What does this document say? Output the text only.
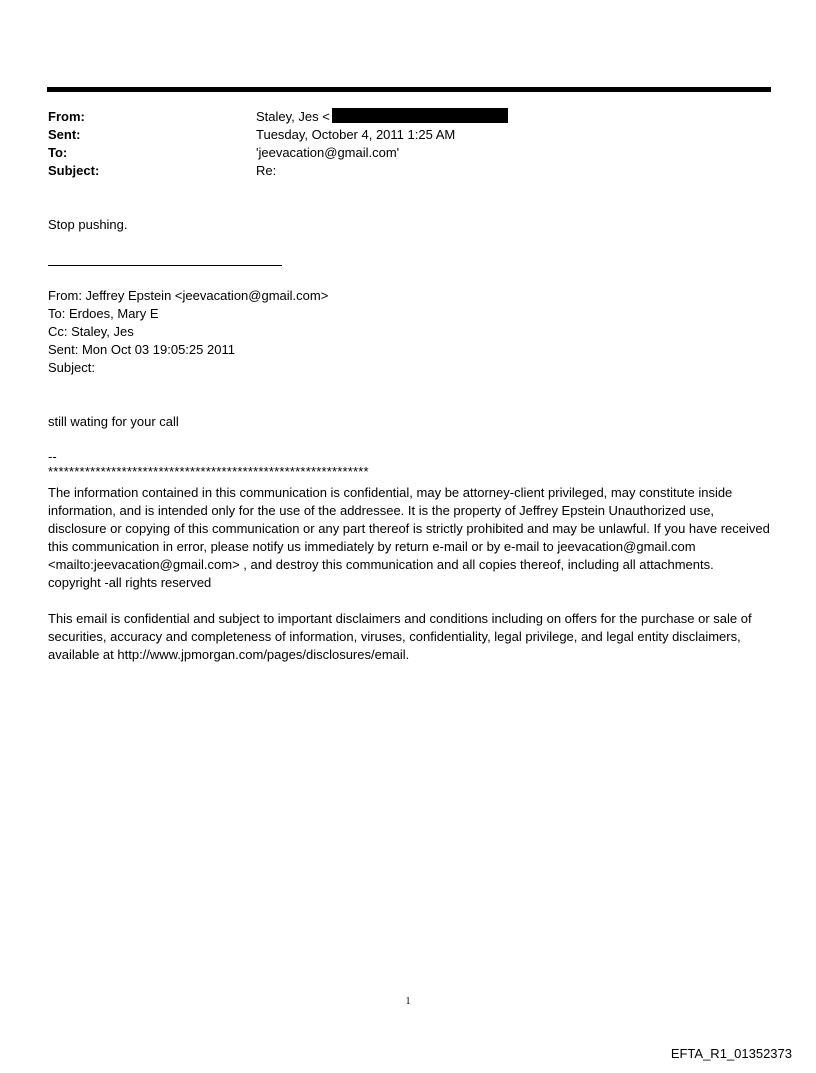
From:	Staley, Jes <
Sent:	Tuesday, October 4, 2011 1:25 AM
To:	'jeevacation@gmail.com'
Subject:	Re:
Stop pushing.
From: Jeffrey Epstein <jeevacation@gmail.com>
To: Erdoes, Mary E
Cc: Staley, Jes
Sent: Mon Oct 03 19:05:25 2011
Subject:
still wating for your call
--
*************************************************************
The information contained in this communication is confidential, may be attorney-client privileged, may constitute inside information, and is intended only for the use of the addressee. It is the property of Jeffrey Epstein Unauthorized use, disclosure or copying of this communication or any part thereof is strictly prohibited and may be unlawful. If you have received this communication in error, please notify us immediately by return e-mail or by e-mail to jeevacation@gmail.com <mailto:jeevacation@gmail.com> , and destroy this communication and all copies thereof, including all attachments. copyright -all rights reserved
This email is confidential and subject to important disclaimers and conditions including on offers for the purchase or sale of securities, accuracy and completeness of information, viruses, confidentiality, legal privilege, and legal entity disclaimers, available at http://www.jpmorgan.com/pages/disclosures/email.
1
EFTA_R1_01352373
